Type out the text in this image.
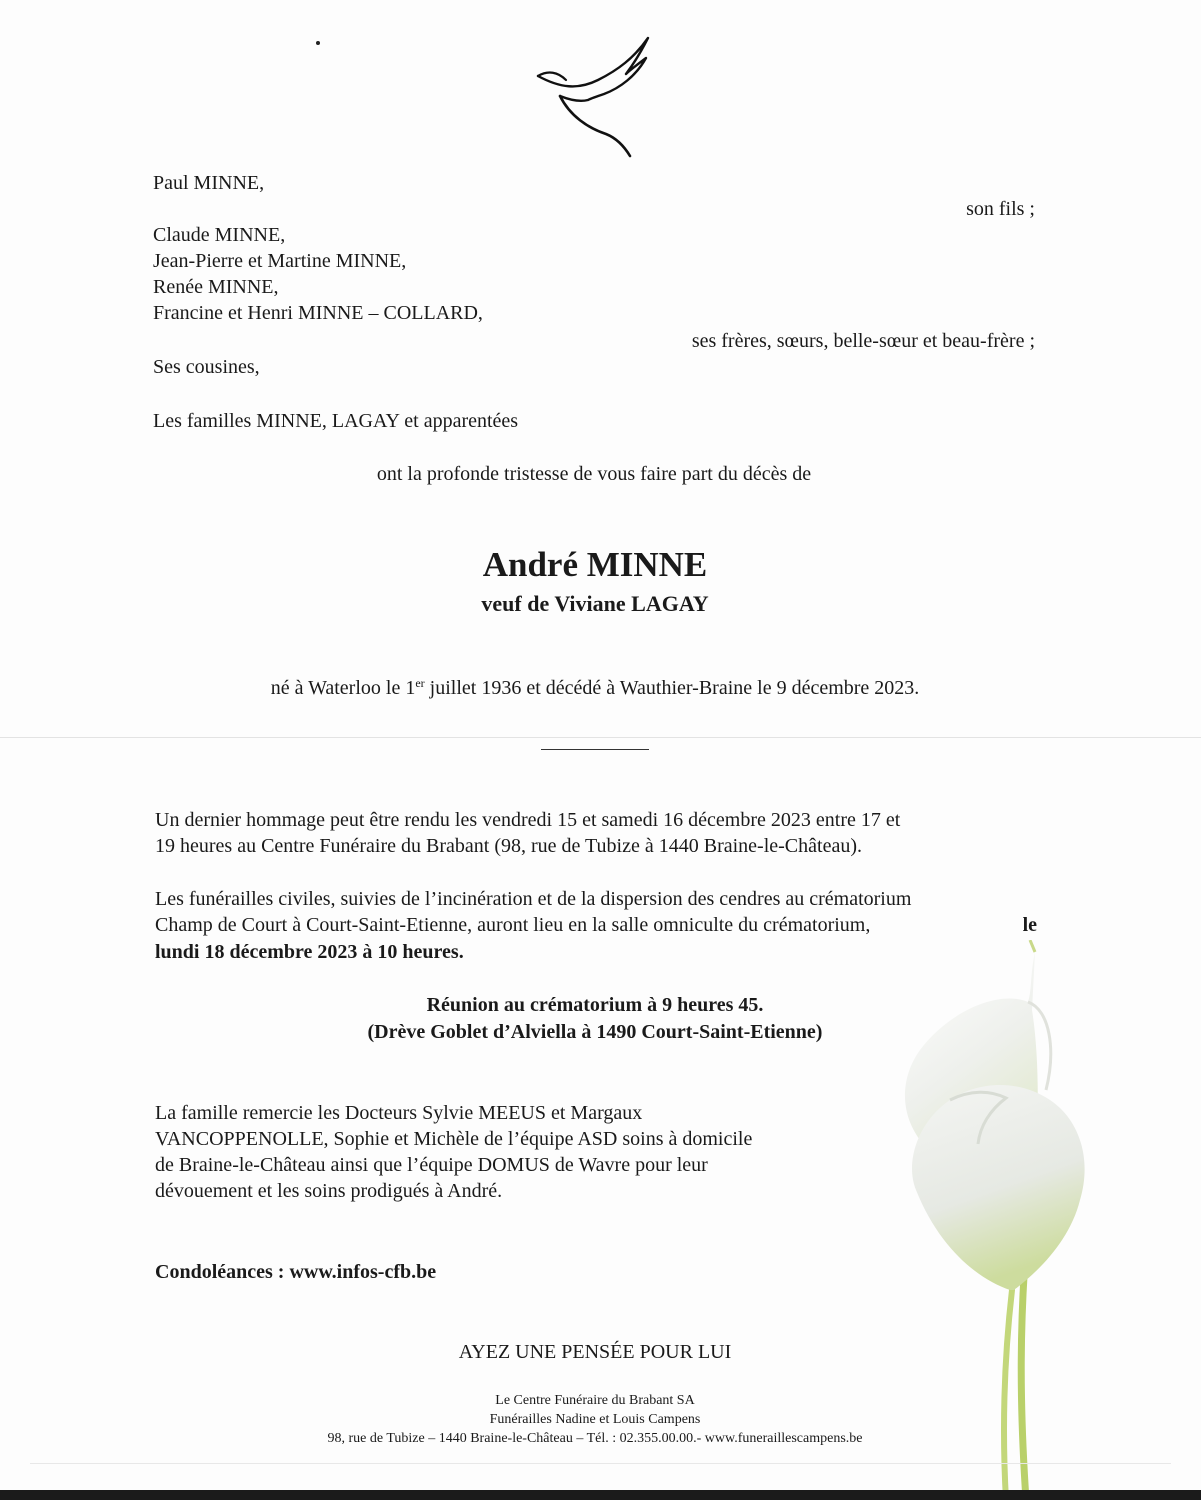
Paul MINNE,
son fils ;
Claude MINNE,
Jean-Pierre et Martine MINNE,
Renée MINNE,
Francine et Henri MINNE – COLLARD,
ses frères, sœurs, belle-sœur et beau-frère ;
Ses cousines,
Les familles MINNE, LAGAY et apparentées
ont la profonde tristesse de vous faire part du décès de
André MINNE
veuf de Viviane LAGAY
né à Waterloo le 1er juillet 1936 et décédé à Wauthier-Braine le 9 décembre 2023.
Un dernier hommage peut être rendu les vendredi 15 et samedi 16 décembre 2023 entre 17 et
19 heures au Centre Funéraire du Brabant (98, rue de Tubize à 1440 Braine-le-Château).
Les funérailles civiles, suivies de l’incinération et de la dispersion des cendres au crématorium
Champ de Court à Court-Saint-Etienne, auront lieu en la salle omniculte du crématorium,	le
lundi 18 décembre 2023 à 10 heures.
Réunion au crématorium à 9 heures 45.
(Drève Goblet d’Alviella à 1490 Court-Saint-Etienne)
La famille remercie les Docteurs Sylvie MEEUS et Margaux
VANCOPPENOLLE, Sophie et Michèle de l’équipe ASD soins à domicile
de Braine-le-Château ainsi que l’équipe DOMUS de Wavre pour leur
dévouement et les soins prodigués à André.
Condoléances : www.infos-cfb.be
AYEZ UNE PENSÉE POUR LUI
Le Centre Funéraire du Brabant SA
Funérailles Nadine et Louis Campens
98, rue de Tubize – 1440 Braine-le-Château – Tél. : 02.355.00.00.- www.funeraillescampens.be
